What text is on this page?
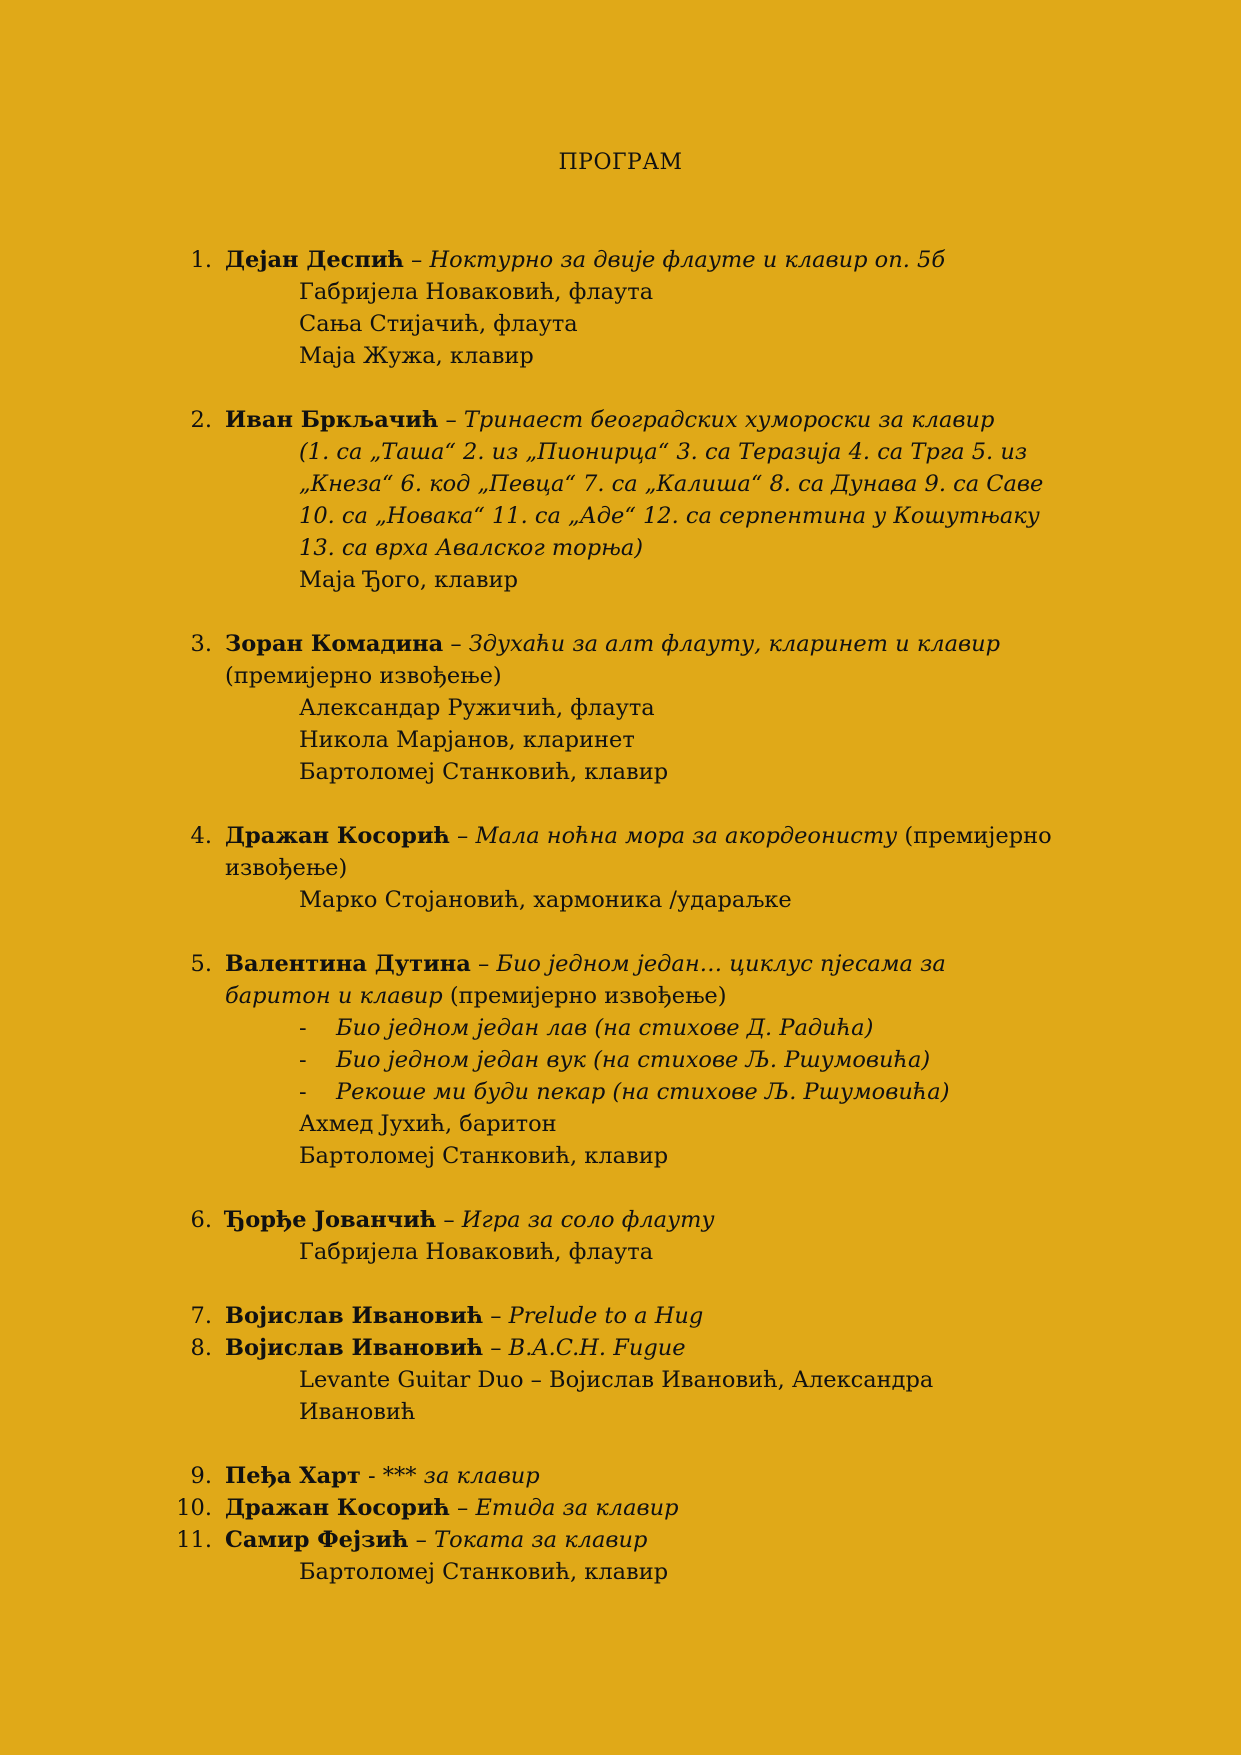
ПРОГРАМ
1. Дејан Деспић – Ноктурно за двије флауте и клавир оп. 5б
Габријела Новаковић, флаута
Сања Стијачић, флаута
Маја Жужа, клавир
2. Иван Бркљачић – Тринаест београдских хумороски за клавир
(1. са „Таша“ 2. из „Пионирца“ 3. са Теразија 4. са Трга 5. из
„Кнеза“ 6. код „Певца“ 7. са „Калиша“ 8. са Дунава 9. са Саве
10. са „Новака“ 11. са „Аде“ 12. са серпентина у Кошутњаку
13. са врха Авалског торња)
Маја Ђого, клавир
3. Зоран Комадина – Здухаћи за алт флауту, кларинет и клавир
(премијерно извођење)
Александар Ружичић, флаута
Никола Марјанов, кларинет
Бартоломеј Станковић, клавир
4. Дражан Косорић – Мала ноћна мора за акордеонисту (премијерно
извођење)
Марко Стојановић, хармоника /удараљке
5. Валентина Дутина – Био једном један… циклус пјесама за
баритон и клавир (премијерно извођење)
- Био једном један лав (на стихове Д. Радића)
- Био једном један вук (на стихове Љ. Ршумовића)
- Рекоше ми буди пекар (на стихове Љ. Ршумовића)
Ахмед Јухић, баритон
Бартоломеј Станковић, клавир
6. Ђорђе Јованчић – Игра за соло флауту
Габријела Новаковић, флаута
7. Војислав Ивановић – Prelude to a Hug
8. Војислав Ивановић – B.A.C.H. Fugue
Levante Guitar Duo – Војислав Ивановић, Александра
Ивановић
9. Пеђа Харт - *** за клавир
10. Дражан Косорић – Етида за клавир
11. Самир Фејзић – Токата за клавир
Бартоломеј Станковић, клавир
